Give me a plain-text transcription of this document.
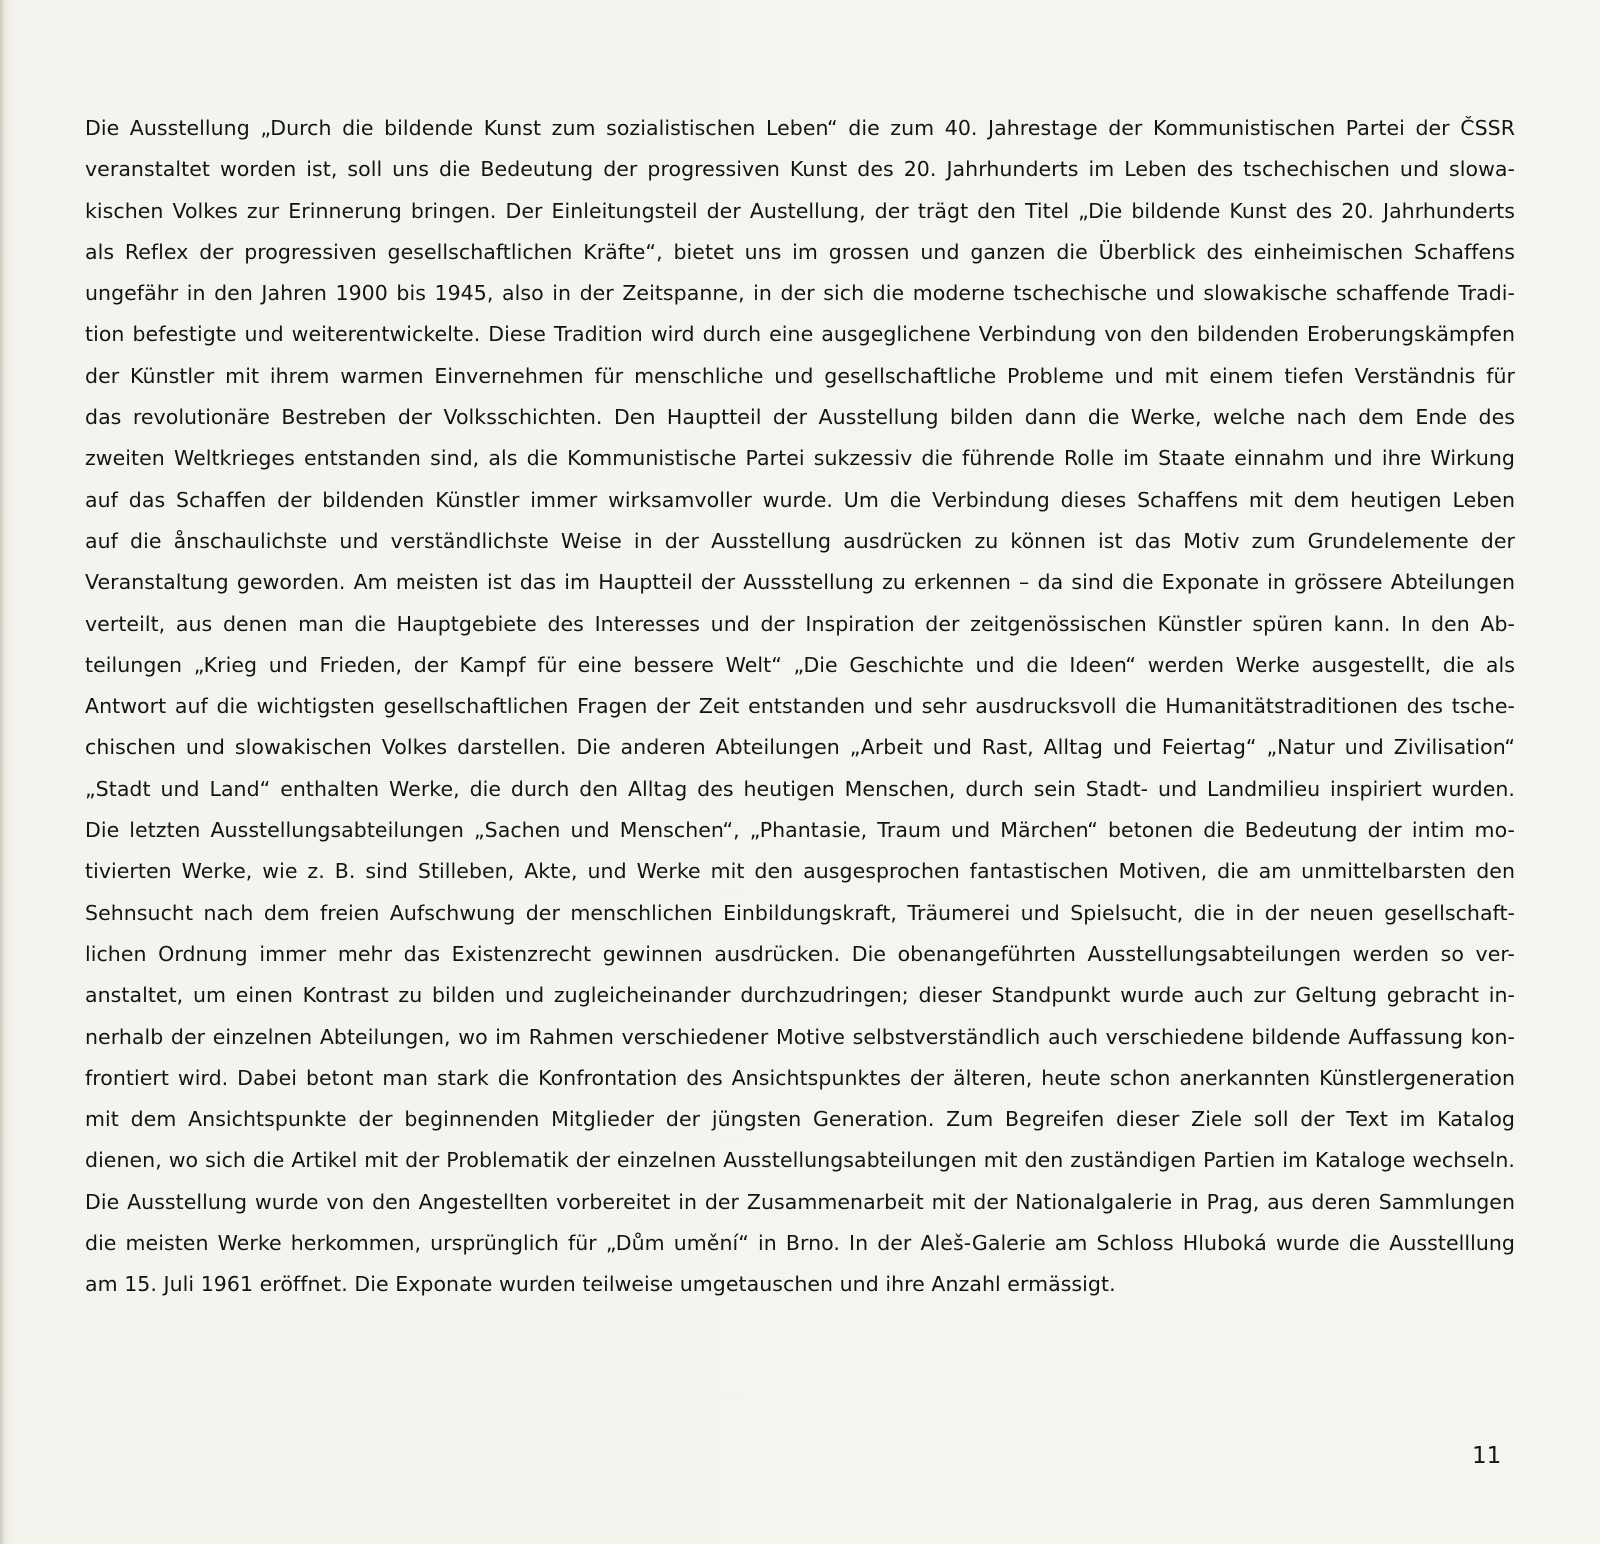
Die Ausstellung „Durch die bildende Kunst zum sozialistischen Leben“ die zum 40. Jahrestage der Kommunistischen Partei der ČSSR
veranstaltet worden ist, soll uns die Bedeutung der progressiven Kunst des 20. Jahrhunderts im Leben des tschechischen und slowa-
kischen Volkes zur Erinnerung bringen. Der Einleitungsteil der Austellung, der trägt den Titel „Die bildende Kunst des 20. Jahrhunderts
als Reflex der progressiven gesellschaftlichen Kräfte“, bietet uns im grossen und ganzen die Überblick des einheimischen Schaffens
ungefähr in den Jahren 1900 bis 1945, also in der Zeitspanne, in der sich die moderne tschechische und slowakische schaffende Tradi-
tion befestigte und weiterentwickelte. Diese Tradition wird durch eine ausgeglichene Verbindung von den bildenden Eroberungskämpfen
der Künstler mit ihrem warmen Einvernehmen für menschliche und gesellschaftliche Probleme und mit einem tiefen Verständnis für
das revolutionäre Bestreben der Volksschichten. Den Hauptteil der Ausstellung bilden dann die Werke, welche nach dem Ende des
zweiten Weltkrieges entstanden sind, als die Kommunistische Partei sukzessiv die führende Rolle im Staate einnahm und ihre Wirkung
auf das Schaffen der bildenden Künstler immer wirksamvoller wurde. Um die Verbindung dieses Schaffens mit dem heutigen Leben
auf die ånschaulichste und verständlichste Weise in der Ausstellung ausdrücken zu können ist das Motiv zum Grundelemente der
Veranstaltung geworden. Am meisten ist das im Hauptteil der Aussstellung zu erkennen – da sind die Exponate in grössere Abteilungen
verteilt, aus denen man die Hauptgebiete des Interesses und der Inspiration der zeitgenössischen Künstler spüren kann. In den Ab-
teilungen „Krieg und Frieden, der Kampf für eine bessere Welt“ „Die Geschichte und die Ideen“ werden Werke ausgestellt, die als
Antwort auf die wichtigsten gesellschaftlichen Fragen der Zeit entstanden und sehr ausdrucksvoll die Humanitätstraditionen des tsche-
chischen und slowakischen Volkes darstellen. Die anderen Abteilungen „Arbeit und Rast, Alltag und Feiertag“ „Natur und Zivilisation“
„Stadt und Land“ enthalten Werke, die durch den Alltag des heutigen Menschen, durch sein Stadt- und Landmilieu inspiriert wurden.
Die letzten Ausstellungsabteilungen „Sachen und Menschen“, „Phantasie, Traum und Märchen“ betonen die Bedeutung der intim mo-
tivierten Werke, wie z. B. sind Stilleben, Akte, und Werke mit den ausgesprochen fantastischen Motiven, die am unmittelbarsten den
Sehnsucht nach dem freien Aufschwung der menschlichen Einbildungskraft, Träumerei und Spielsucht, die in der neuen gesellschaft-
lichen Ordnung immer mehr das Existenzrecht gewinnen ausdrücken. Die obenangeführten Ausstellungsabteilungen werden so ver-
anstaltet, um einen Kontrast zu bilden und zugleicheinander durchzudringen; dieser Standpunkt wurde auch zur Geltung gebracht in-
nerhalb der einzelnen Abteilungen, wo im Rahmen verschiedener Motive selbstverständlich auch verschiedene bildende Auffassung kon-
frontiert wird. Dabei betont man stark die Konfrontation des Ansichtspunktes der älteren, heute schon anerkannten Künstlergeneration
mit dem Ansichtspunkte der beginnenden Mitglieder der jüngsten Generation. Zum Begreifen dieser Ziele soll der Text im Katalog
dienen, wo sich die Artikel mit der Problematik der einzelnen Ausstellungsabteilungen mit den zuständigen Partien im Kataloge wechseln.
Die Ausstellung wurde von den Angestellten vorbereitet in der Zusammenarbeit mit der Nationalgalerie in Prag, aus deren Sammlungen
die meisten Werke herkommen, ursprünglich für „Dům umění“ in Brno. In der Aleš-Galerie am Schloss Hluboká wurde die Ausstelllung
am 15. Juli 1961 eröffnet. Die Exponate wurden teilweise umgetauschen und ihre Anzahl ermässigt.
11
